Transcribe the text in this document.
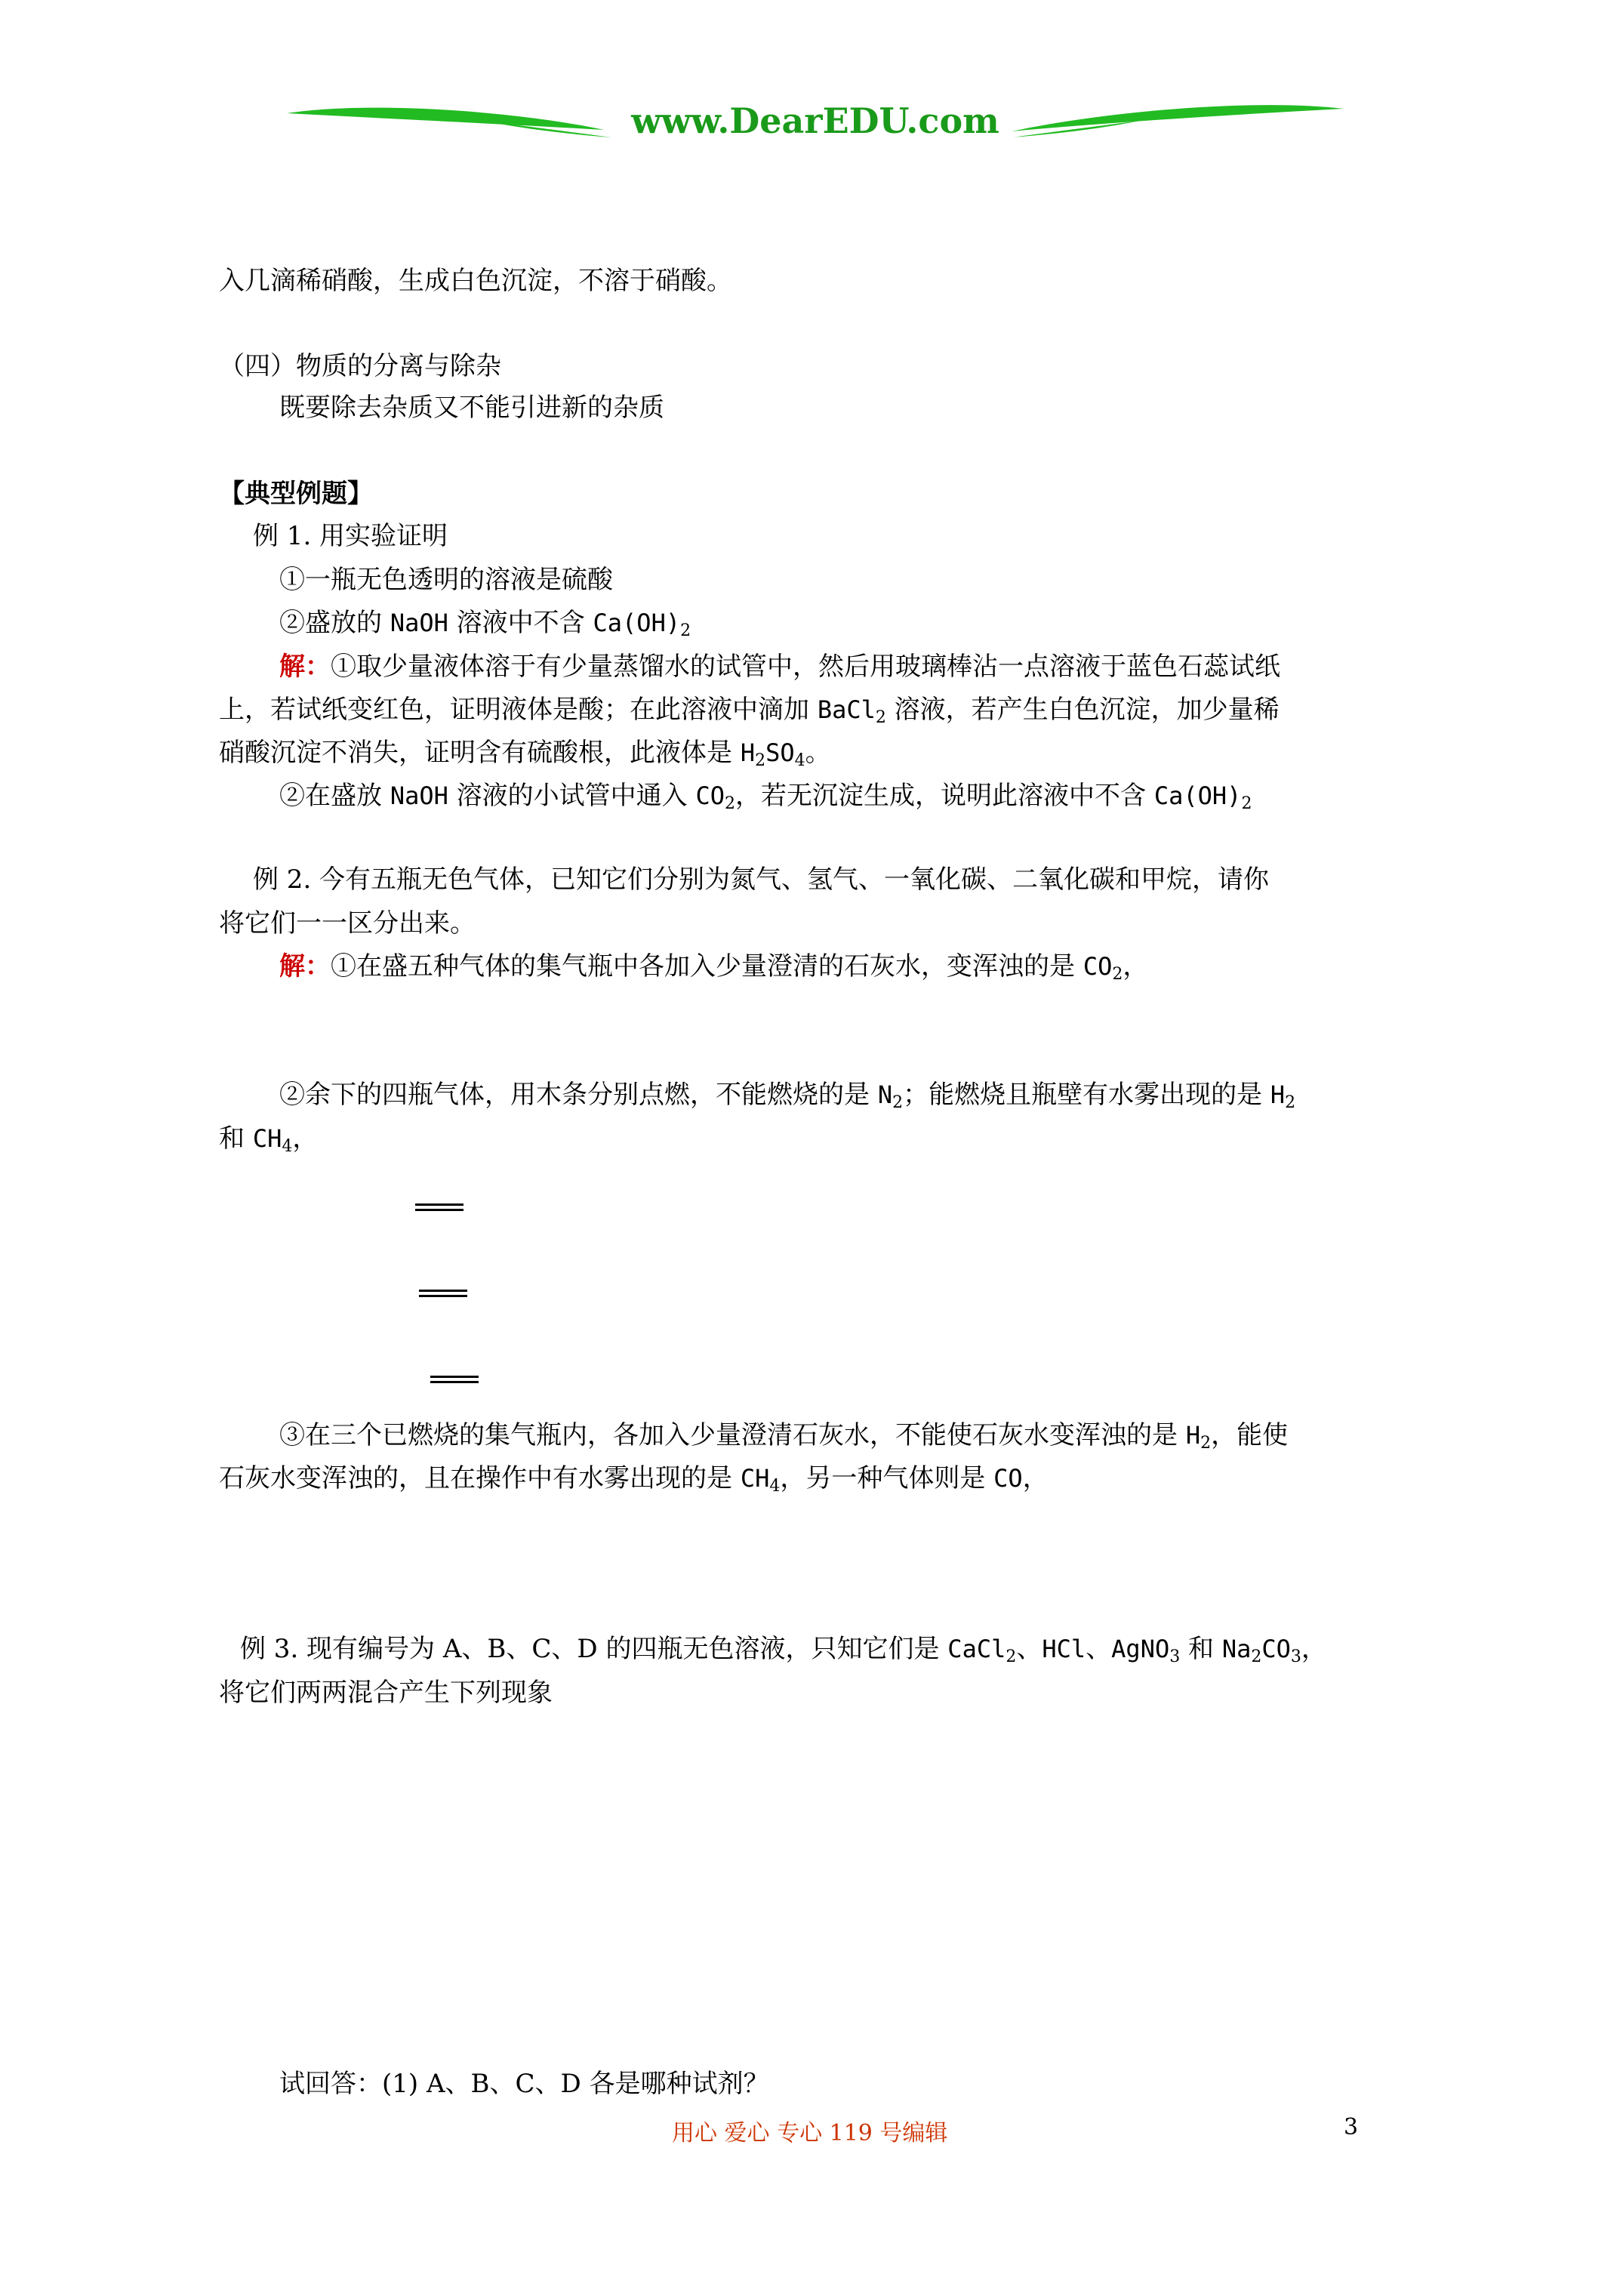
www.DearEDU.com
入几滴稀硝酸，生成白色沉淀，不溶于硝酸。
（四）物质的分离与除杂
既要除去杂质又不能引进新的杂质
【典型例题】
例 1. 用实验证明
①一瓶无色透明的溶液是硫酸
②盛放的 NaOH 溶液中不含 $Ca(OH)_2$
解：①取少量液体溶于有少量蒸馏水的试管中，然后用玻璃棒沾一点溶液于蓝色石蕊试纸
上，若试纸变红色，证明液体是酸；在此溶液中滴加 BaCl$_2$ 溶液，若产生白色沉淀，加少量稀
硝酸沉淀不消失，证明含有硫酸根，此液体是 $H_2SO_4$。
②在盛放 NaOH 溶液的小试管中通入 $CO_2$，若无沉淀生成，说明此溶液中不含 $Ca(OH)_2$
例 2. 今有五瓶无色气体，已知它们分别为氮气、氢气、一氧化碳、二氧化碳和甲烷，请你
将它们一一区分出来。
解：①在盛五种气体的集气瓶中各加入少量澄清的石灰水，变浑浊的是 $CO_2$，
②余下的四瓶气体，用木条分别点燃，不能燃烧的是 $N_2$；能燃烧且瓶壁有水雾出现的是 $H_2$
和 $CH_4$，
③在三个已燃烧的集气瓶内，各加入少量澄清石灰水，不能使石灰水变浑浊的是 $H_2$，能使
石灰水变浑浊的，且在操作中有水雾出现的是 $CH_4$，另一种气体则是 CO，
例 3. 现有编号为 A、B、C、D 的四瓶无色溶液，只知它们是 CaCl$_2$、HCl、AgNO$_3$ 和 $Na_2CO_3$，
将它们两两混合产生下列现象
试回答：(1) A、B、C、D 各是哪种试剂？
用心 爱心 专心 119 号编辑	3
